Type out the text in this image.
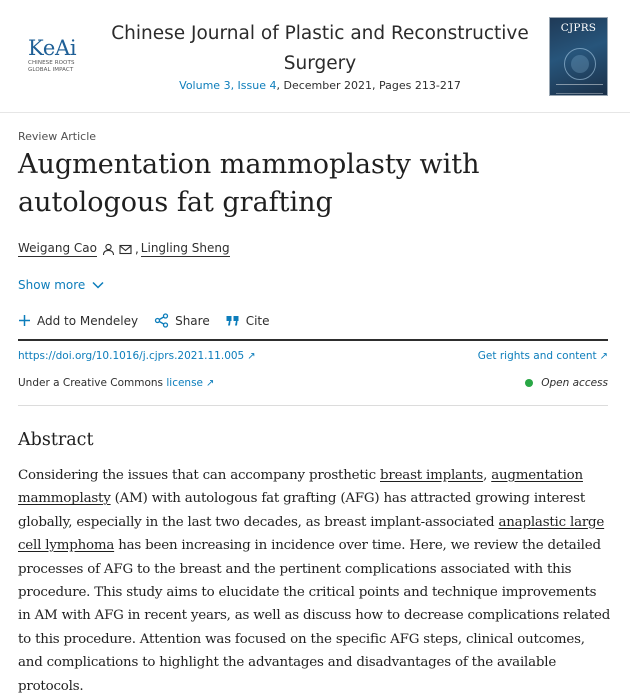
KeAi
CHINESE ROOTS
GLOBAL IMPACT
Chinese Journal of Plastic and Reconstructive Surgery
Volume 3, Issue 4, December 2021, Pages 213-217
CJPRS
Review Article
Augmentation mammoplasty with autologous fat grafting
Weigang Cao	, Lingling Sheng
Show more
Add to Mendeley	Share	Cite
https://doi.org/10.1016/j.cjprs.2021.11.005 ↗	Get rights and content ↗
Under a Creative Commons license ↗	Open access
Abstract

Considering the issues that can accompany prosthetic breast implants, augmentation mammoplasty (AM) with autologous fat grafting (AFG) has attracted growing interest globally, especially in the last two decades, as breast implant-associated anaplastic large cell lymphoma has been increasing in incidence over time. Here, we review the detailed processes of AFG to the breast and the pertinent complications associated with this procedure. This study aims to elucidate the critical points and technique improvements in AM with AFG in recent years, as well as discuss how to decrease complications related to this procedure. Attention was focused on the specific AFG steps, clinical outcomes, and complications to highlight the advantages and disadvantages of the available protocols.
